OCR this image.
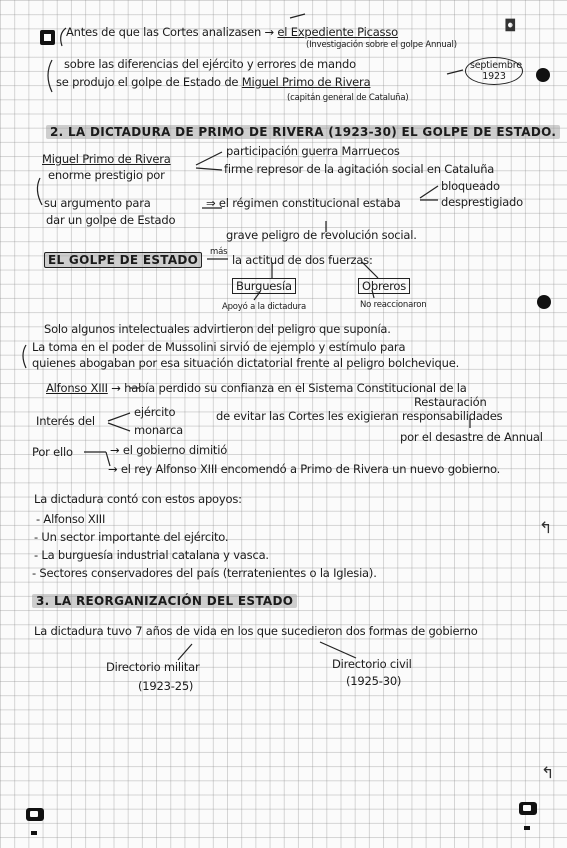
◘
↰
↰
Antes de que las Cortes analizasen → el Expediente Picasso
(Investigación sobre el golpe Annual)
sobre las diferencias del ejército y errores de mando
se produjo el golpe de Estado de Miguel Primo de Rivera
(capitán general de Cataluña)
septiembre 1923
2. LA DICTADURA DE PRIMO DE RIVERA (1923-30) EL GOLPE DE ESTADO.
Miguel Primo de Rivera
enorme prestigio por
participación guerra Marruecos
firme represor de la agitación social en Cataluña
su argumento para
dar un golpe de Estado
⇒ el régimen constitucional estaba
bloqueado
desprestigiado
grave peligro de revolución social.
EL GOLPE DE ESTADO
más
la actitud de dos fuerzas:
Burguesía
Apoyó a la dictadura
Obreros
No reaccionaron
Solo algunos intelectuales advirtieron del peligro que suponía.
La toma en el poder de Mussolini sirvió de ejemplo y estímulo para
quienes abogaban por esa situación dictatorial frente al peligro bolchevique.
Alfonso XIII → había perdido su confianza en el Sistema Constitucional de la
Restauración
Interés del
ejército
monarca
de evitar las Cortes les exigieran responsabilidades
por el desastre de Annual
Por ello	→ el gobierno dimitió
→ el rey Alfonso XIII encomendó a Primo de Rivera un nuevo gobierno.
La dictadura contó con estos apoyos:
- Alfonso XIII
- Un sector importante del ejército.
- La burguesía industrial catalana y vasca.
- Sectores conservadores del país (terratenientes o la Iglesia).
3. LA REORGANIZACIÓN DEL ESTADO
La dictadura tuvo 7 años de vida en los que sucedieron dos formas de gobierno
Directorio militar
(1923-25)
Directorio civil
(1925-30)
